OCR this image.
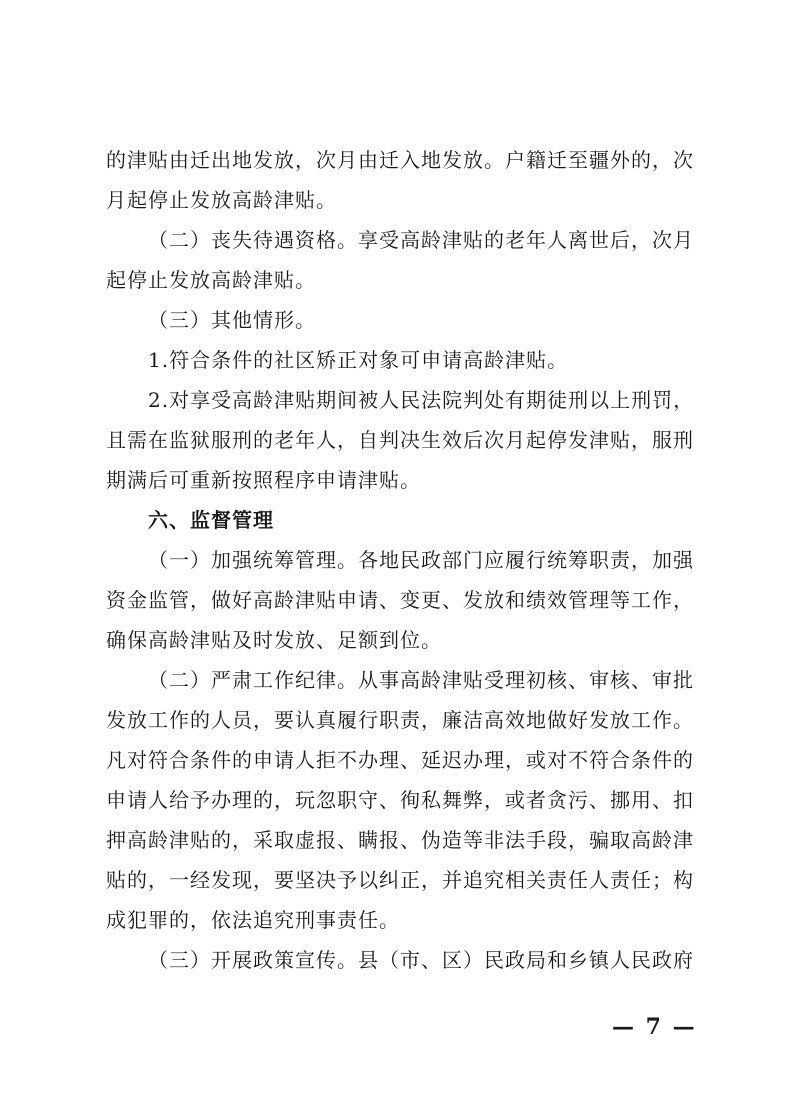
的津贴由迁出地发放，次月由迁入地发放。户籍迁至疆外的，次
月起停止发放高龄津贴。
（二）丧失待遇资格。享受高龄津贴的老年人离世后，次月
起停止发放高龄津贴。
（三）其他情形。
1.符合条件的社区矫正对象可申请高龄津贴。
2.对享受高龄津贴期间被人民法院判处有期徒刑以上刑罚，
且需在监狱服刑的老年人，自判决生效后次月起停发津贴，服刑
期满后可重新按照程序申请津贴。
六、监督管理
（一）加强统筹管理。各地民政部门应履行统筹职责，加强
资金监管，做好高龄津贴申请、变更、发放和绩效管理等工作，
确保高龄津贴及时发放、足额到位。
（二）严肃工作纪律。从事高龄津贴受理初核、审核、审批
发放工作的人员，要认真履行职责，廉洁高效地做好发放工作。
凡对符合条件的申请人拒不办理、延迟办理，或对不符合条件的
申请人给予办理的，玩忽职守、徇私舞弊，或者贪污、挪用、扣
押高龄津贴的，采取虚报、瞒报、伪造等非法手段，骗取高龄津
贴的，一经发现，要坚决予以纠正，并追究相关责任人责任；构
成犯罪的，依法追究刑事责任。
（三）开展政策宣传。县（市、区）民政局和乡镇人民政府
— 7 —
